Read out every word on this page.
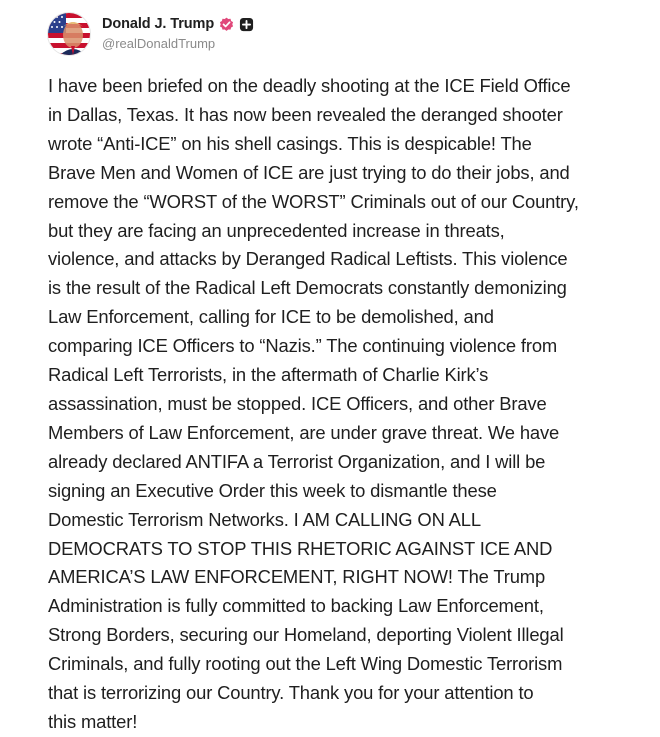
Donald J. Trump
@realDonaldTrump

I have been briefed on the deadly shooting at the ICE Field Office
in Dallas, Texas. It has now been revealed the deranged shooter
wrote “Anti-ICE” on his shell casings. This is despicable! The
Brave Men and Women of ICE are just trying to do their jobs, and
remove the “WORST of the WORST” Criminals out of our Country,
but they are facing an unprecedented increase in threats,
violence, and attacks by Deranged Radical Leftists. This violence
is the result of the Radical Left Democrats constantly demonizing
Law Enforcement, calling for ICE to be demolished, and
comparing ICE Officers to “Nazis.” The continuing violence from
Radical Left Terrorists, in the aftermath of Charlie Kirk’s
assassination, must be stopped. ICE Officers, and other Brave
Members of Law Enforcement, are under grave threat. We have
already declared ANTIFA a Terrorist Organization, and I will be
signing an Executive Order this week to dismantle these
Domestic Terrorism Networks. I AM CALLING ON ALL
DEMOCRATS TO STOP THIS RHETORIC AGAINST ICE AND
AMERICA’S LAW ENFORCEMENT, RIGHT NOW! The Trump
Administration is fully committed to backing Law Enforcement,
Strong Borders, securing our Homeland, deporting Violent Illegal
Criminals, and fully rooting out the Left Wing Domestic Terrorism
that is terrorizing our Country. Thank you for your attention to
this matter!
